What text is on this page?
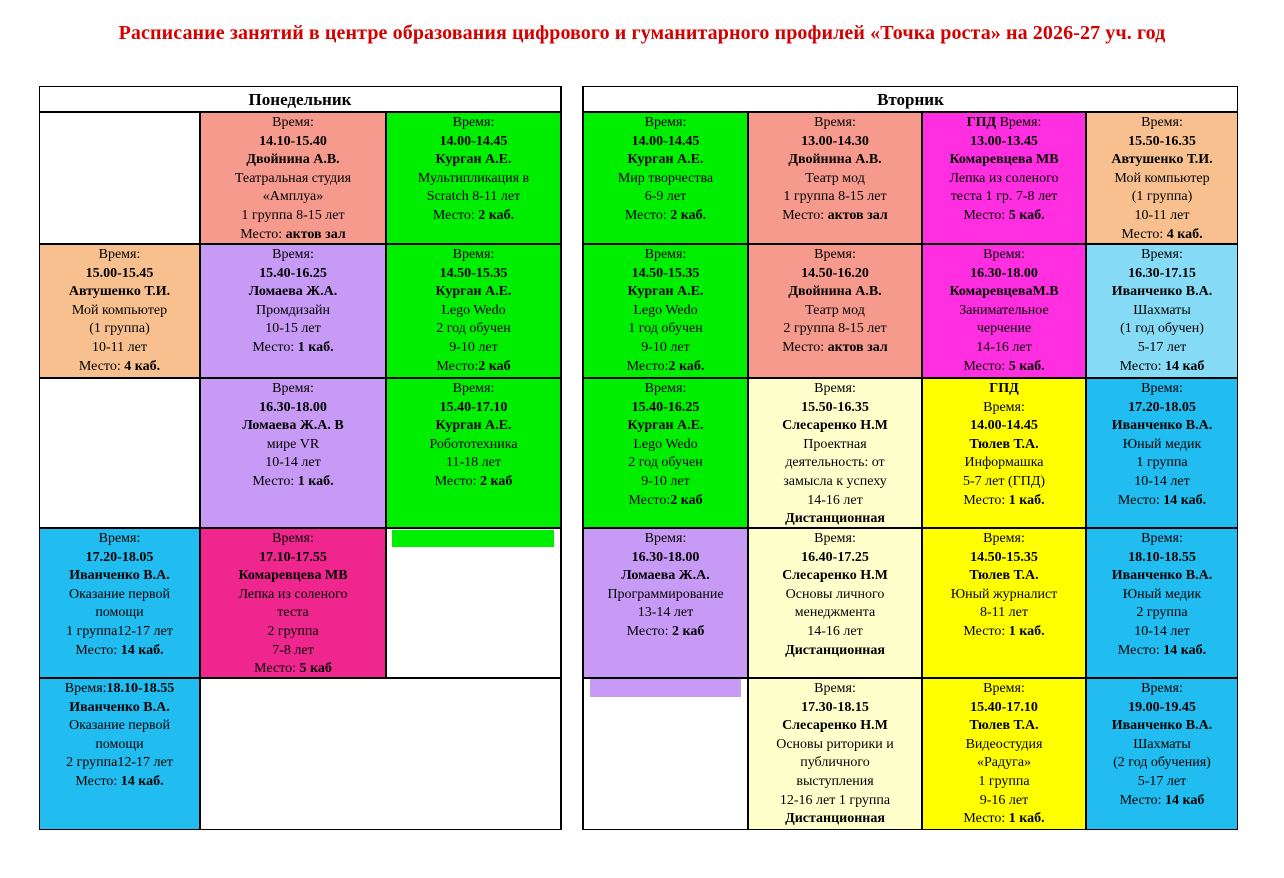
Расписание занятий в центре образования цифрового и гуманитарного профилей «Точка роста» на 2026-27 уч. год
Понедельник	Вторник
Время:
14.10-15.40
Двойнина А.В.
Театральная студия
«Амплуа»
1 группа 8-15 лет
Место: актов зал
Время:
14.00-14.45
Курган А.Е.
Мультипликация в
Scratch 8-11 лет
Место: 2 каб.
Время:
15.00-15.45
Автушенко Т.И.
Мой компьютер
(1 группа)
10-11 лет
Место: 4 каб.
Время:
15.40-16.25
Ломаева Ж.А.
Промдизайн
10-15 лет
Место: 1 каб.
Время:
14.50-15.35
Курган А.Е.
Lego Wedo
2 год обучен
9-10 лет
Место:2 каб
Время:
16.30-18.00
Ломаева Ж.А. В
мире VR
10-14 лет
Место: 1 каб.
Время:
15.40-17.10
Курган А.Е.
Робототехника
11-18 лет
Место: 2 каб
Время:
17.20-18.05
Иванченко В.А.
Оказание первой
помощи
1 группа12-17 лет
Место: 14 каб.
Время:
17.10-17.55
Комаревцева МВ
Лепка из соленого
теста
2 группа
7-8 лет
Место: 5 каб
Время:18.10-18.55
Иванченко В.А.
Оказание первой
помощи
2 группа12-17 лет
Место: 14 каб.
Время:
14.00-14.45
Курган А.Е.
Мир творчества
6-9 лет
Место: 2 каб.
Время:
13.00-14.30
Двойнина А.В.
Театр мод
1 группа 8-15 лет
Место: актов зал
ГПД Время:
13.00-13.45
Комаревцева МВ
Лепка из соленого
теста 1 гр. 7-8 лет
Место: 5 каб.
Время:
15.50-16.35
Автушенко Т.И.
Мой компьютер
(1 группа)
10-11 лет
Место: 4 каб.
Время:
14.50-15.35
Курган А.Е.
Lego Wedo
1 год обучен
9-10 лет
Место:2 каб.
Время:
14.50-16.20
Двойнина А.В.
Театр мод
2 группа 8-15 лет
Место: актов зал
Время:
16.30-18.00
КомаревцеваМ.В
Занимательное
черчение
14-16 лет
Место: 5 каб.
Время:
16.30-17.15
Иванченко В.А.
Шахматы
(1 год обучен)
5-17 лет
Место: 14 каб
Время:
15.40-16.25
Курган А.Е.
Lego Wedo
2 год обучен
9-10 лет
Место:2 каб
Время:
15.50-16.35
Слесаренко Н.М
Проектная
деятельность: от
замысла к успеху
14-16 лет
Дистанционная
ГПД
Время:
14.00-14.45
Тюлев Т.А.
Информашка
5-7 лет (ГПД)
Место: 1 каб.
Время:
17.20-18.05
Иванченко В.А.
Юный медик
1 группа
10-14 лет
Место: 14 каб.
Время:
16.30-18.00
Ломаева Ж.А.
Программирование
13-14 лет
Место: 2 каб
Время:
16.40-17.25
Слесаренко Н.М
Основы личного
менеджмента
14-16 лет
Дистанционная
Время:
14.50-15.35
Тюлев Т.А.
Юный журналист
8-11 лет
Место: 1 каб.
Время:
18.10-18.55
Иванченко В.А.
Юный медик
2 группа
10-14 лет
Место: 14 каб.
Время:
17.30-18.15
Слесаренко Н.М
Основы риторики и
публичного
выступления
12-16 лет 1 группа
Дистанционная
Время:
15.40-17.10
Тюлев Т.А.
Видеостудия
«Радуга»
1 группа
9-16 лет
Место: 1 каб.
Время:
19.00-19.45
Иванченко В.А.
Шахматы
(2 год обучения)
5-17 лет
Место: 14 каб
